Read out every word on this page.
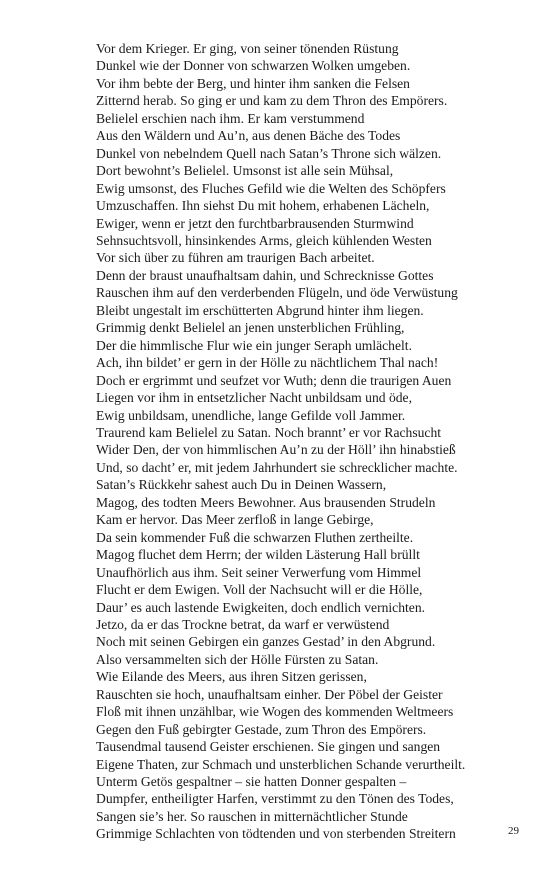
Vor dem Krieger. Er ging, von seiner tönenden Rüstung
Dunkel wie der Donner von schwarzen Wolken umgeben.
Vor ihm bebte der Berg, und hinter ihm sanken die Felsen
Zitternd herab. So ging er und kam zu dem Thron des Empörers.
Belielel erschien nach ihm. Er kam verstummend
Aus den Wäldern und Au’n, aus denen Bäche des Todes
Dunkel von nebelndem Quell nach Satan’s Throne sich wälzen.
Dort bewohnt’s Belielel. Umsonst ist alle sein Mühsal,
Ewig umsonst, des Fluches Gefild wie die Welten des Schöpfers
Umzuschaffen. Ihn siehst Du mit hohem, erhabenen Lächeln,
Ewiger, wenn er jetzt den furchtbarbrausenden Sturmwind
Sehnsuchtsvoll, hinsinkendes Arms, gleich kühlenden Westen
Vor sich über zu führen am traurigen Bach arbeitet.
Denn der braust unaufhaltsam dahin, und Schrecknisse Gottes
Rauschen ihm auf den verderbenden Flügeln, und öde Verwüstung
Bleibt ungestalt im erschütterten Abgrund hinter ihm liegen.
Grimmig denkt Belielel an jenen unsterblichen Frühling,
Der die himmlische Flur wie ein junger Seraph umlächelt.
Ach, ihn bildet’ er gern in der Hölle zu nächtlichem Thal nach!
Doch er ergrimmt und seufzet vor Wuth; denn die traurigen Auen
Liegen vor ihm in entsetzlicher Nacht unbildsam und öde,
Ewig unbildsam, unendliche, lange Gefilde voll Jammer.
Traurend kam Belielel zu Satan. Noch brannt’ er vor Rachsucht
Wider Den, der von himmlischen Au’n zu der Höll’ ihn hinabstieß
Und, so dacht’ er, mit jedem Jahrhundert sie schrecklicher machte.
Satan’s Rückkehr sahest auch Du in Deinen Wassern,
Magog, des todten Meers Bewohner. Aus brausenden Strudeln
Kam er hervor. Das Meer zerfloß in lange Gebirge,
Da sein kommender Fuß die schwarzen Fluthen zertheilte.
Magog fluchet dem Herrn; der wilden Lästerung Hall brüllt
Unaufhörlich aus ihm. Seit seiner Verwerfung vom Himmel
Flucht er dem Ewigen. Voll der Nachsucht will er die Hölle,
Daur’ es auch lastende Ewigkeiten, doch endlich vernichten.
Jetzo, da er das Trockne betrat, da warf er verwüstend
Noch mit seinen Gebirgen ein ganzes Gestad’ in den Abgrund.
Also versammelten sich der Hölle Fürsten zu Satan.
Wie Eilande des Meers, aus ihren Sitzen gerissen,
Rauschten sie hoch, unaufhaltsam einher. Der Pöbel der Geister
Floß mit ihnen unzählbar, wie Wogen des kommenden Weltmeers
Gegen den Fuß gebirgter Gestade, zum Thron des Empörers.
Tausendmal tausend Geister erschienen. Sie gingen und sangen
Eigene Thaten, zur Schmach und unsterblichen Schande verurtheilt.
Unterm Getös gespaltner – sie hatten Donner gespalten –
Dumpfer, entheiligter Harfen, verstimmt zu den Tönen des Todes,
Sangen sie’s her. So rauschen in mitternächtlicher Stunde
Grimmige Schlachten von tödtenden und von sterbenden Streitern	29
